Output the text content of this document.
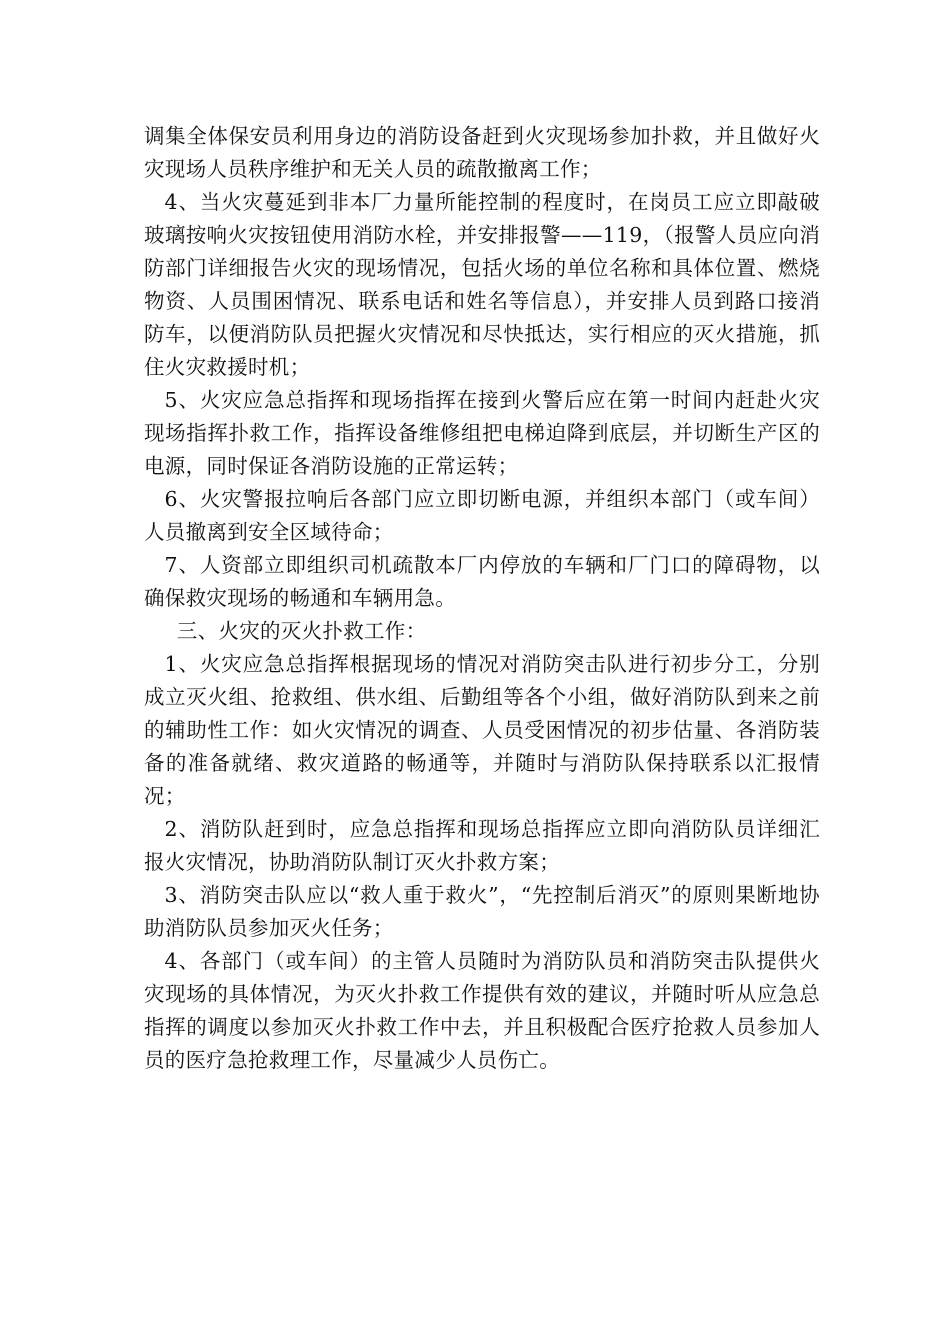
调集全体保安员利用身边的消防设备赶到火灾现场参加扑救，并且做好火灾现场人员秩序维护和无关人员的疏散撤离工作；

4、当火灾蔓延到非本厂力量所能控制的程度时，在岗员工应立即敲破玻璃按响火灾按钮使用消防水栓，并安排报警——119，（报警人员应向消防部门详细报告火灾的现场情况，包括火场的单位名称和具体位置、燃烧物资、人员围困情况、联系电话和姓名等信息），并安排人员到路口接消防车，以便消防队员把握火灾情况和尽快抵达，实行相应的灭火措施，抓住火灾救援时机；

5、火灾应急总指挥和现场指挥在接到火警后应在第一时间内赶赴火灾现场指挥扑救工作，指挥设备维修组把电梯迫降到底层，并切断生产区的电源，同时保证各消防设施的正常运转；

6、火灾警报拉响后各部门应立即切断电源，并组织本部门（或车间）人员撤离到安全区域待命；

7、人资部立即组织司机疏散本厂内停放的车辆和厂门口的障碍物，以确保救灾现场的畅通和车辆用急。

三、火灾的灭火扑救工作：

1、火灾应急总指挥根据现场的情况对消防突击队进行初步分工，分别成立灭火组、抢救组、供水组、后勤组等各个小组，做好消防队到来之前的辅助性工作：如火灾情况的调查、人员受困情况的初步估量、各消防装备的准备就绪、救灾道路的畅通等，并随时与消防队保持联系以汇报情况；

2、消防队赶到时，应急总指挥和现场总指挥应立即向消防队员详细汇报火灾情况，协助消防队制订灭火扑救方案；

3、消防突击队应以“救人重于救火”，“先控制后消灭”的原则果断地协助消防队员参加灭火任务；

4、各部门（或车间）的主管人员随时为消防队员和消防突击队提供火灾现场的具体情况，为灭火扑救工作提供有效的建议，并随时听从应急总指挥的调度以参加灭火扑救工作中去，并且积极配合医疗抢救人员参加人员的医疗急抢救理工作，尽量减少人员伤亡。
